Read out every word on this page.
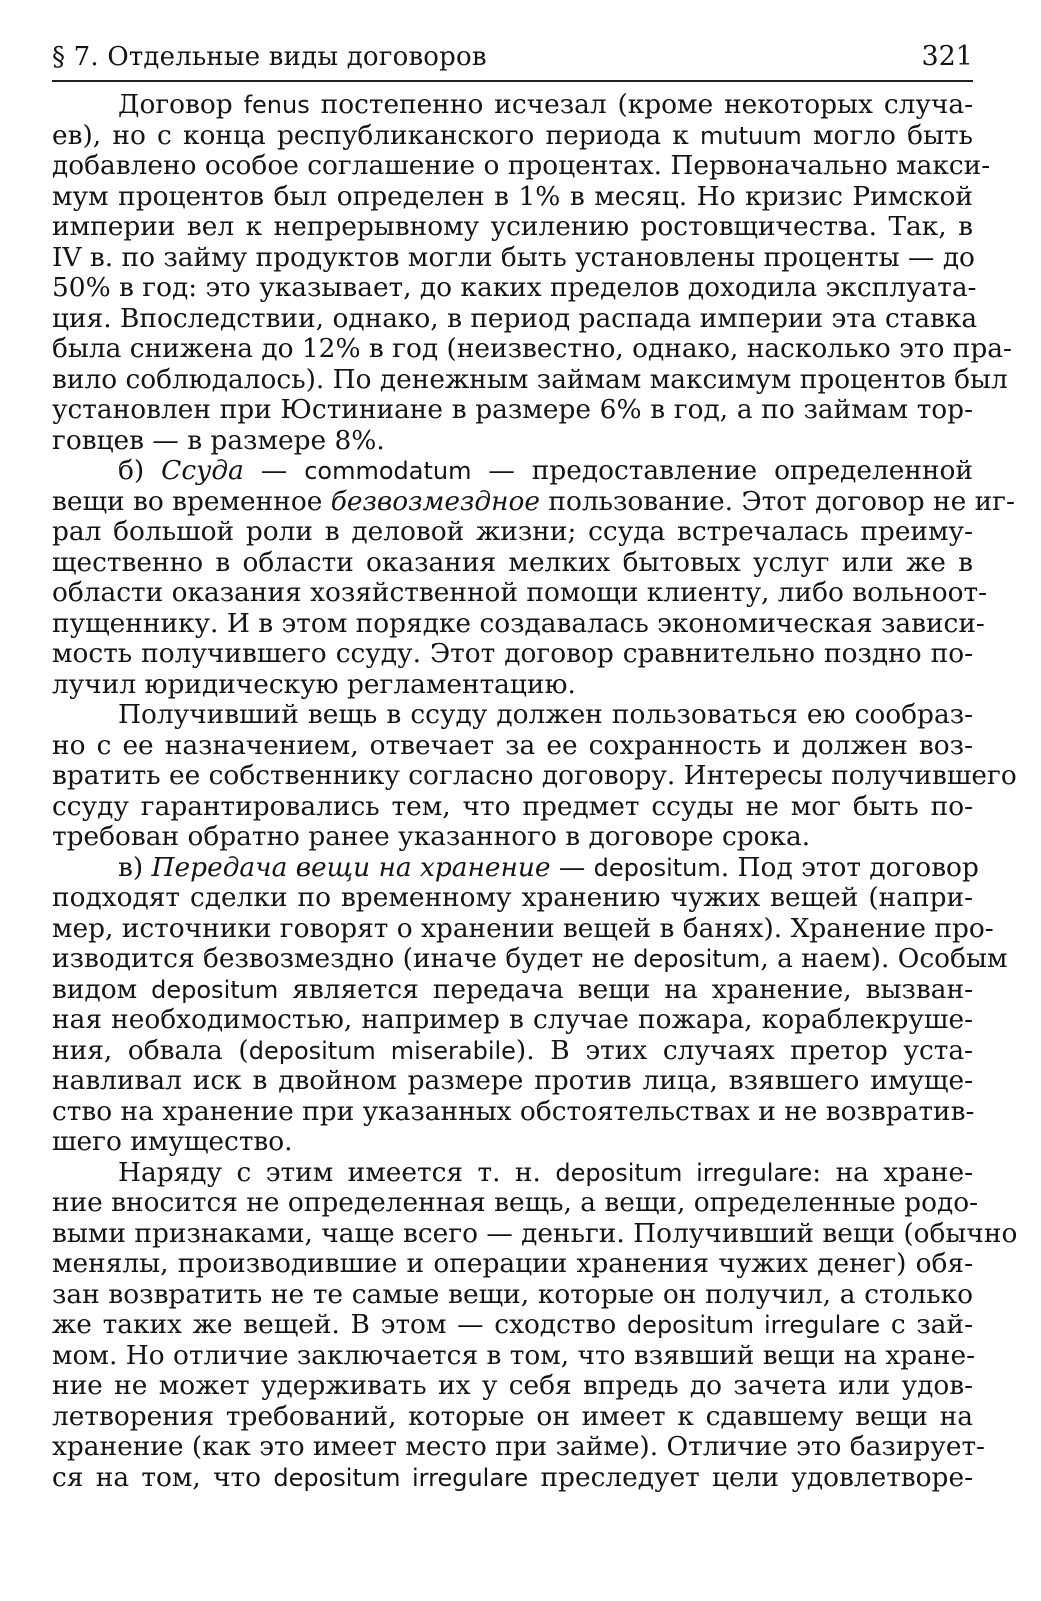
§ 7. Отдельные виды договоров	321
Договор fenus постепенно исчезал (кроме некоторых случа-
ев), но с конца республиканского периода к mutuum могло быть
добавлено особое соглашение о процентах. Первоначально макси-
мум процентов был определен в 1% в месяц. Но кризис Римской
империи вел к непрерывному усилению ростовщичества. Так, в
IV в. по займу продуктов могли быть установлены проценты — до
50% в год: это указывает, до каких пределов доходила эксплуата-
ция. Впоследствии, однако, в период распада империи эта ставка
была снижена до 12% в год (неизвестно, однако, насколько это пра-
вило соблюдалось). По денежным займам максимум процентов был
установлен при Юстиниане в размере 6% в год, а по займам тор-
говцев — в размере 8%.
б) Ссуда — commodatum — предоставление определенной
вещи во временное безвозмездное пользование. Этот договор не иг-
рал большой роли в деловой жизни; ссуда встречалась преиму-
щественно в области оказания мелких бытовых услуг или же в
области оказания хозяйственной помощи клиенту, либо вольноот-
пущеннику. И в этом порядке создавалась экономическая зависи-
мость получившего ссуду. Этот договор сравнительно поздно по-
лучил юридическую регламентацию.
Получивший вещь в ссуду должен пользоваться ею сообраз-
но с ее назначением, отвечает за ее сохранность и должен воз-
вратить ее собственнику согласно договору. Интересы получившего
ссуду гарантировались тем, что предмет ссуды не мог быть по-
требован обратно ранее указанного в договоре срока.
в) Передача вещи на хранение — depositum. Под этот договор
подходят сделки по временному хранению чужих вещей (напри-
мер, источники говорят о хранении вещей в банях). Хранение про-
изводится безвозмездно (иначе будет не depositum, а наем). Особым
видом depositum является передача вещи на хранение, вызван-
ная необходимостью, например в случае пожара, кораблекруше-
ния, обвала (depositum miserabile). В этих случаях претор уста-
навливал иск в двойном размере против лица, взявшего имуще-
ство на хранение при указанных обстоятельствах и не возвратив-
шего имущество.
Наряду с этим имеется т. н. depositum irregulare: на хране-
ние вносится не определенная вещь, а вещи, определенные родо-
выми признаками, чаще всего — деньги. Получивший вещи (обычно
менялы, производившие и операции хранения чужих денег) обя-
зан возвратить не те самые вещи, которые он получил, а столько
же таких же вещей. В этом — сходство depositum irregulare с зай-
мом. Но отличие заключается в том, что взявший вещи на хране-
ние не может удерживать их у себя впредь до зачета или удов-
летворения требований, которые он имеет к сдавшему вещи на
хранение (как это имеет место при займе). Отличие это базирует-
ся на том, что depositum irregulare преследует цели удовлетворе-
